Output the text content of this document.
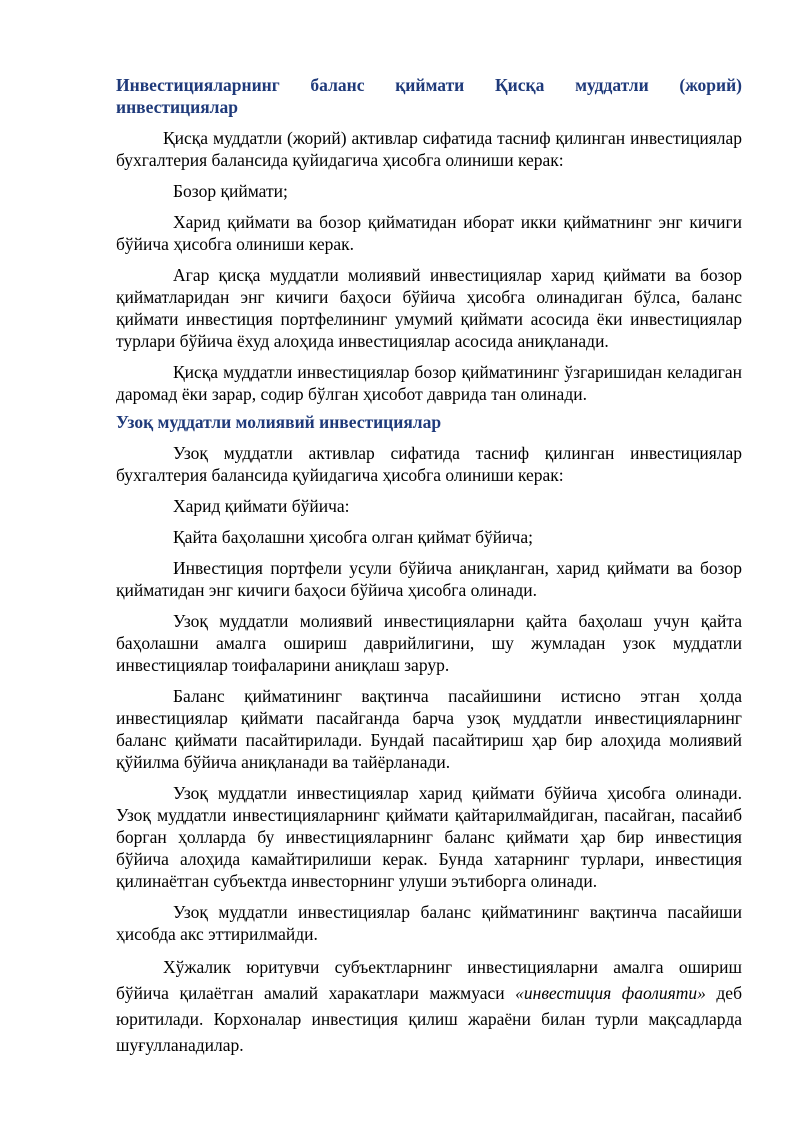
Инвестицияларнинг баланс қиймати Қисқа муддатли (жорий)
инвестициялар

Қисқа муддатли (жорий) активлар сифатида тасниф қилинган инвестициялар бухгалтерия балансида қуйидагича ҳисобга олиниши керак:

Бозор қиймати;

Харид қиймати ва бозор қийматидан иборат икки қийматнинг энг кичиги бўйича ҳисобга олиниши керак.

Агар қисқа муддатли молиявий инвестициялар харид қиймати ва бозор қийматларидан энг кичиги баҳоси бўйича ҳисобга олинадиган бўлса, баланс қиймати инвестиция портфелининг умумий қиймати асосида ёки инвестициялар турлари бўйича ёхуд алоҳида инвестициялар асосида аниқланади.

Қисқа муддатли инвестициялар бозор қийматининг ўзгаришидан келадиган даромад ёки зарар, содир бўлган ҳисобот даврида тан олинади.

Узоқ муддатли молиявий инвестициялар

Узоқ муддатли активлар сифатида тасниф қилинган инвестициялар бухгалтерия балансида қуйидагича ҳисобга олиниши керак:

Харид қиймати бўйича:

Қайта баҳолашни ҳисобга олган қиймат бўйича;

Инвестиция портфели усули бўйича аниқланган, харид қиймати ва бозор қийматидан энг кичиги баҳоси бўйича ҳисобга олинади.

Узоқ муддатли молиявий инвестицияларни қайта баҳолаш учун қайта баҳолашни амалга ошириш даврийлигини, шу жумладан узок муддатли инвестициялар тоифаларини аниқлаш зарур.

Баланс қийматининг вақтинча пасайишини истисно этган ҳолда инвестициялар қиймати пасайганда барча узоқ муддатли инвестицияларнинг баланс қиймати пасайтирилади. Бундай пасайтириш ҳар бир алоҳида молиявий қўйилма бўйича аниқланади ва тайёрланади.

Узоқ муддатли инвестициялар харид қиймати бўйича ҳисобга олинади. Узоқ муддатли инвестицияларнинг қиймати қайтарилмайдиган, пасайган, пасайиб борган ҳолларда бу инвестицияларнинг баланс қиймати ҳар бир инвестиция бўйича алоҳида камайтирилиши керак. Бунда хатарнинг турлари, инвестиция қилинаётган субъектда инвесторнинг улуши эътиборга олинади.

Узоқ муддатли инвестициялар баланс қийматининг вақтинча пасайиши ҳисобда акс эттирилмайди.

Хўжалик юритувчи субъектларнинг инвестицияларни амалга ошириш бўйича қилаётган амалий харакатлари мажмуаси «инвестиция фаолияти» деб юритилади. Корхоналар инвестиция қилиш жараёни билан турли мақсадларда шуғулланадилар.
